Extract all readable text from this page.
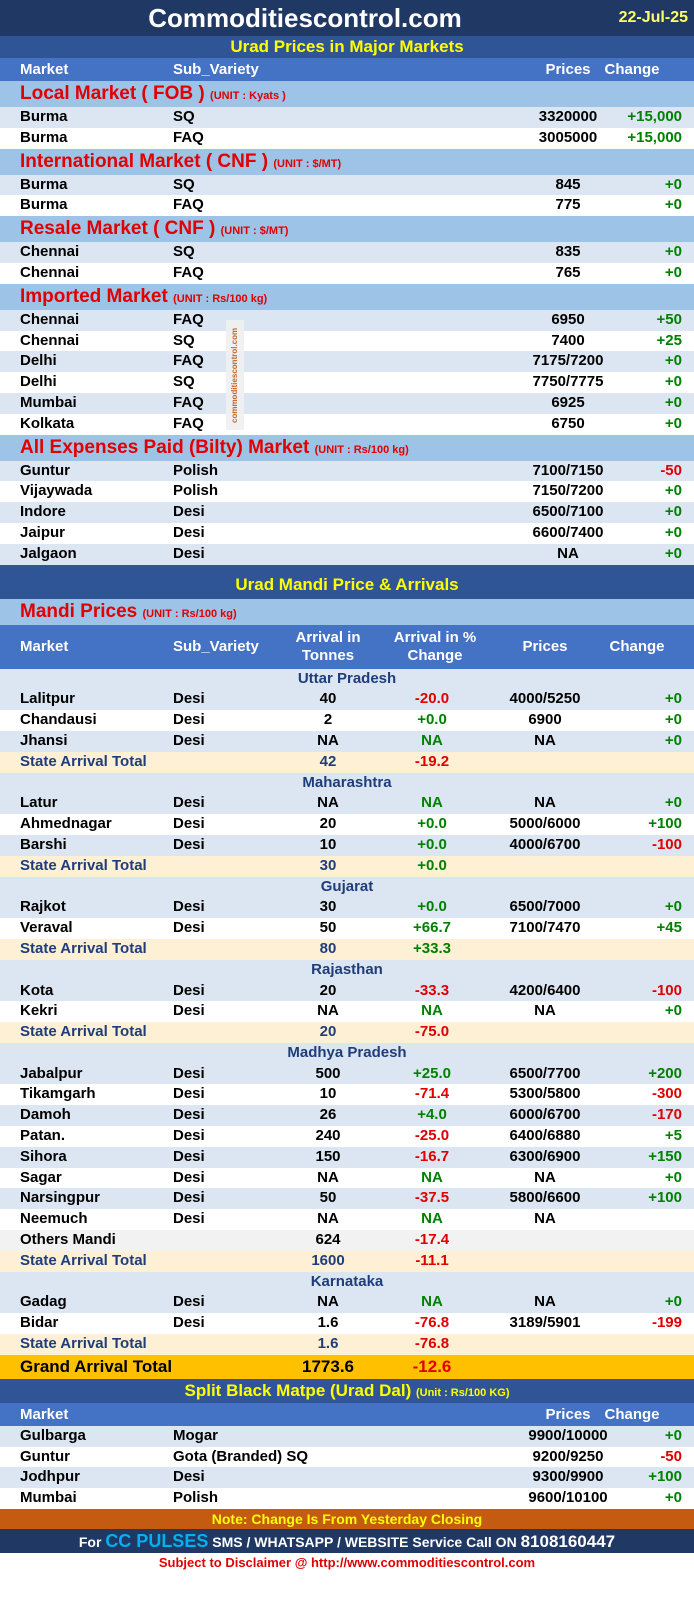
Commoditiescontrol.com	22-Jul-25
Urad Prices in Major Markets
Market	Sub_Variety	Prices Change
Local Market ( FOB ) (UNIT : Kyats )
Burma	SQ	3320000	+15,000
Burma	FAQ	3005000	+15,000
International Market ( CNF ) (UNIT : $/MT)
Burma	SQ	845	+0
Burma	FAQ	775	+0
Resale Market ( CNF ) (UNIT : $/MT)
Chennai	SQ	835	+0
Chennai	FAQ	765	+0
Imported Market (UNIT : Rs/100 kg)
Chennai	FAQ	6950	+50
Chennai	SQ	7400	+25
Delhi	FAQ	7175/7200	+0
Delhi	SQ	7750/7775	+0
Mumbai	FAQ	6925	+0
Kolkata	FAQ	6750	+0
All Expenses Paid (Bilty) Market (UNIT : Rs/100 kg)
Guntur	Polish	7100/7150	-50
Vijaywada	Polish	7150/7200	+0
Indore	Desi	6500/7100	+0
Jaipur	Desi	6600/7400	+0
Jalgaon	Desi	NA	+0
Urad Mandi Price & Arrivals
Mandi Prices (UNIT : Rs/100 kg)
Market	Sub_Variety
Arrival in Tonnes
Arrival in % Change
Prices	Change
Uttar Pradesh
Lalitpur	Desi	40	-20.0	4000/5250	+0
Chandausi	Desi	2	+0.0	6900	+0
Jhansi	Desi	NA	NA	NA	+0
State Arrival Total	42	-19.2
Maharashtra
Latur	Desi	NA	NA	NA	+0
Ahmednagar	Desi	20	+0.0	5000/6000	+100
Barshi	Desi	10	+0.0	4000/6700	-100
State Arrival Total	30	+0.0
Gujarat
Rajkot	Desi	30	+0.0	6500/7000	+0
Veraval	Desi	50	+66.7	7100/7470	+45
State Arrival Total	80	+33.3
Rajasthan
Kota	Desi	20	-33.3	4200/6400	-100
Kekri	Desi	NA	NA	NA	+0
State Arrival Total	20	-75.0
Madhya Pradesh
Jabalpur	Desi	500	+25.0	6500/7700	+200
Tikamgarh	Desi	10	-71.4	5300/5800	-300
Damoh	Desi	26	+4.0	6000/6700	-170
Patan.	Desi	240	-25.0	6400/6880	+5
Sihora	Desi	150	-16.7	6300/6900	+150
Sagar	Desi	NA	NA	NA	+0
Narsingpur	Desi	50	-37.5	5800/6600	+100
Neemuch	Desi	NA	NA	NA
Others Mandi	624	-17.4
State Arrival Total	1600	-11.1
Karnataka
Gadag	Desi	NA	NA	NA	+0
Bidar	Desi	1.6	-76.8	3189/5901	-199
State Arrival Total	1.6	-76.8
Grand Arrival Total	1773.6	-12.6
Split Black Matpe (Urad Dal) (Unit : Rs/100 KG)
Market	Prices Change
Gulbarga	Mogar	9900/10000	+0
Guntur	Gota (Branded) SQ	9200/9250	-50
Jodhpur	Desi	9300/9900	+100
Mumbai	Polish	9600/10100	+0
Note: Change Is From Yesterday Closing
For CC PULSES SMS / WHATSAPP / WEBSITE Service Call ON 8108160447
Subject to Disclaimer @ http://www.commoditiescontrol.com
commoditiescontrol.com
